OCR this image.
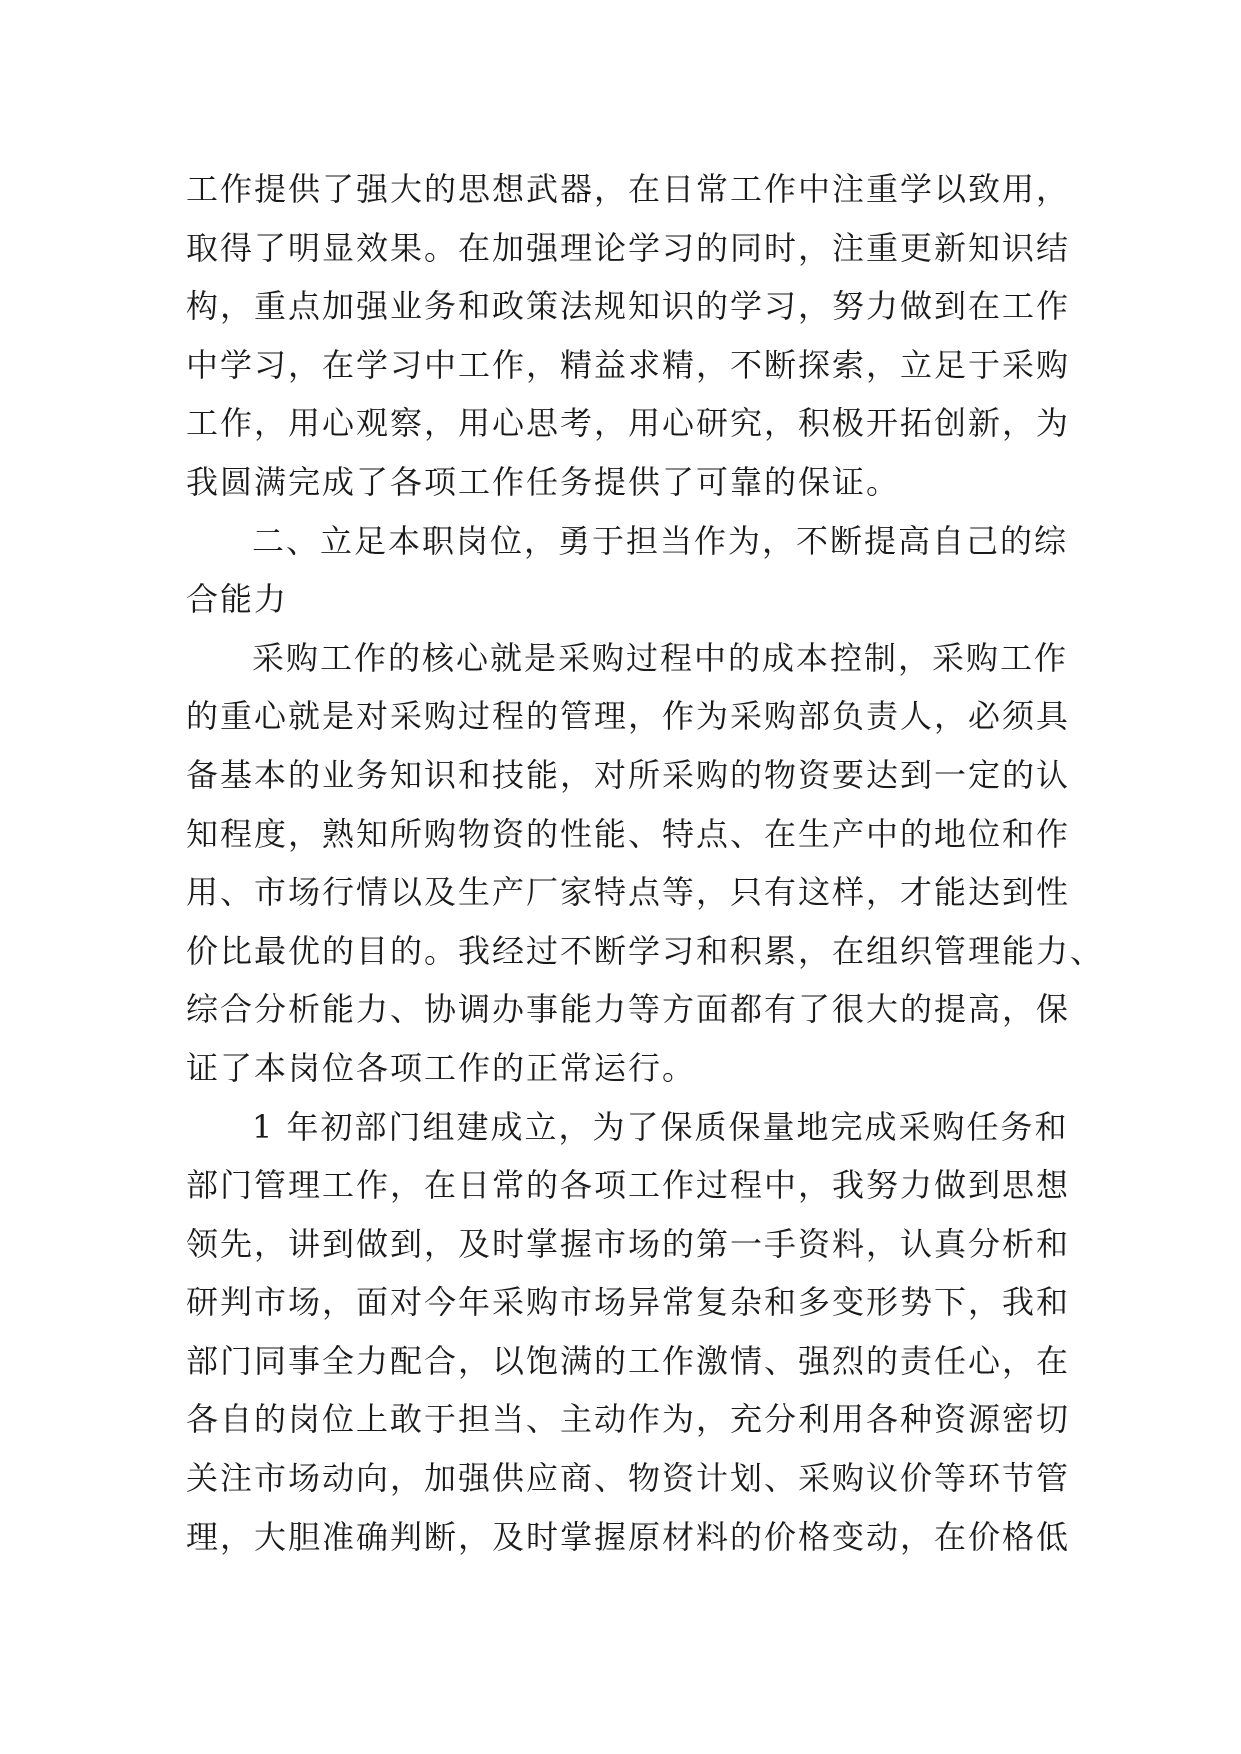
工作提供了强大的思想武器，在日常工作中注重学以致用，
取得了明显效果。在加强理论学习的同时，注重更新知识结
构，重点加强业务和政策法规知识的学习，努力做到在工作
中学习，在学习中工作，精益求精，不断探索，立足于采购
工作，用心观察，用心思考，用心研究，积极开拓创新，为
我圆满完成了各项工作任务提供了可靠的保证。
二、立足本职岗位，勇于担当作为，不断提高自己的综
合能力
采购工作的核心就是采购过程中的成本控制，采购工作
的重心就是对采购过程的管理，作为采购部负责人，必须具
备基本的业务知识和技能，对所采购的物资要达到一定的认
知程度，熟知所购物资的性能、特点、在生产中的地位和作
用、市场行情以及生产厂家特点等，只有这样，才能达到性
价比最优的目的。我经过不断学习和积累，在组织管理能力、
综合分析能力、协调办事能力等方面都有了很大的提高，保
证了本岗位各项工作的正常运行。
1 年初部门组建成立，为了保质保量地完成采购任务和
部门管理工作，在日常的各项工作过程中，我努力做到思想
领先，讲到做到，及时掌握市场的第一手资料，认真分析和
研判市场，面对今年采购市场异常复杂和多变形势下，我和
部门同事全力配合，以饱满的工作激情、强烈的责任心，在
各自的岗位上敢于担当、主动作为，充分利用各种资源密切
关注市场动向，加强供应商、物资计划、采购议价等环节管
理，大胆准确判断，及时掌握原材料的价格变动，在价格低
